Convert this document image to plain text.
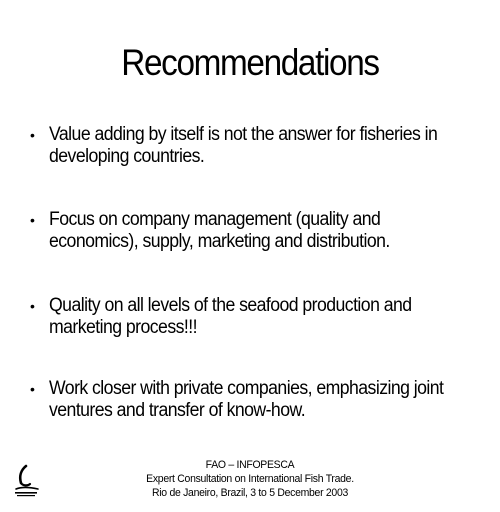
Recommendations
• Value adding by itself is not the answer for fisheries in developing countries.
• Focus on company management (quality and economics), supply, marketing and distribution.
• Quality on all levels of the seafood production and marketing process!!!
• Work closer with private companies, emphasizing joint ventures and transfer of know-how.
FAO – INFOPESCA
Expert Consultation on International Fish Trade.
Rio de Janeiro, Brazil, 3 to 5 December 2003
